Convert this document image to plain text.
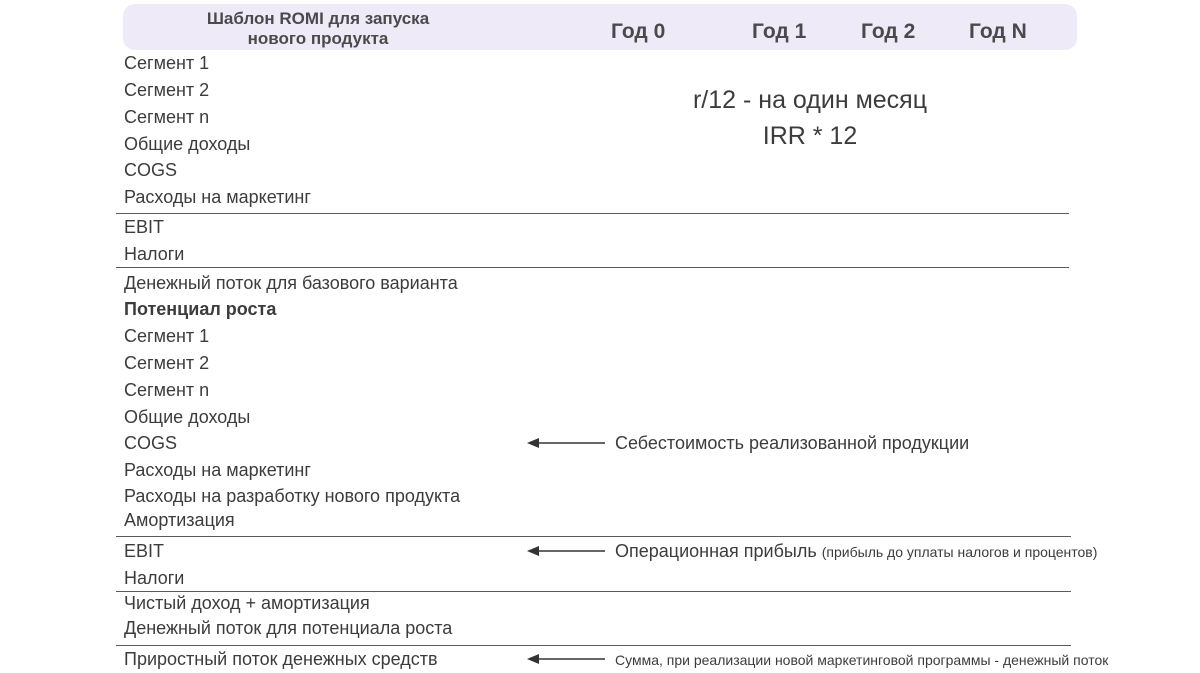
Шаблон ROMI для запуска
нового продукта	Год 0	Год 1	Год 2	Год N
Сегмент 1
Сегмент 2
Сегмент n
Общие доходы
COGS
Расходы на маркетинг
EBIT
Налоги
Денежный поток для базового варианта
Потенциал роста
Сегмент 1
Сегмент 2
Сегмент n
Общие доходы
COGS
Расходы на маркетинг
Расходы на разработку нового продукта
Амортизация
EBIT
Налоги
Чистый доход + амортизация
Денежный поток для потенциала роста
Приростный поток денежных средств
r/12 - на один месяц
IRR * 12
Себестоимость реализованной продукции
Операционная прибыль (прибыль до уплаты налогов и процентов)
Сумма, при реализации новой маркетинговой программы - денежный поток
